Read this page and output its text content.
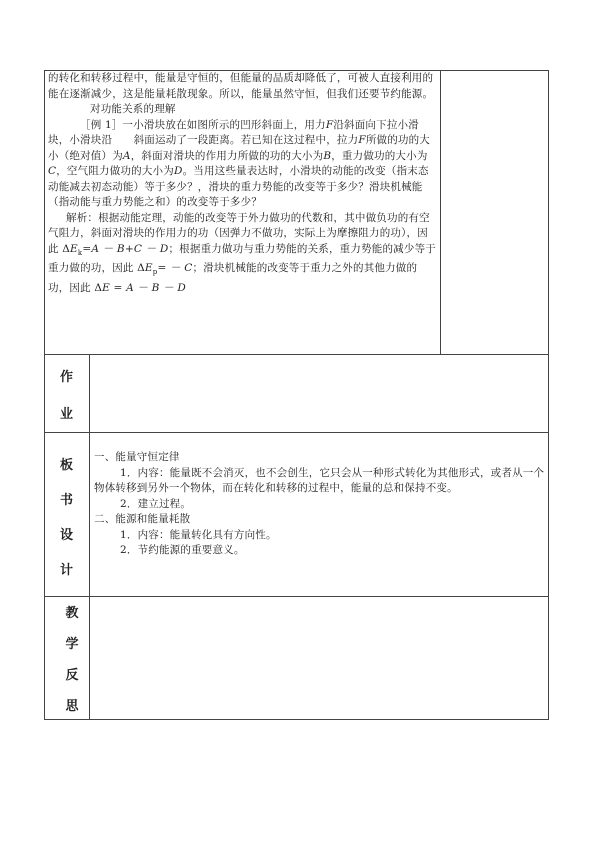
的转化和转移过程中，能量是守恒的，但能量的品质却降低了，可被人直接利用的能在逐渐减少，这是能量耗散现象。所以，能量虽然守恒，但我们还要节约能源。

对功能关系的理解

［例 1］一小滑块放在如图所示的凹形斜面上，用力F沿斜面向下拉小滑块，小滑块沿　　斜面运动了一段距离。若已知在这过程中，拉力F所做的功的大小（绝对值）为A，斜面对滑块的作用力所做的功的大小为B，重力做功的大小为C，空气阻力做功的大小为D。当用这些量表达时，小滑块的动能的改变（指末态动能减去初态动能）等于多少？，滑块的重力势能的改变等于多少？滑块机械能（指动能与重力势能之和）的改变等于多少？

解析：根据动能定理，动能的改变等于外力做功的代数和，其中做负功的有空气阻力，斜面对滑块的作用力的功（因弹力不做功，实际上为摩擦阻力的功），因此 $\Delta E_k=A - B+C - D$；根据重力做功与重力势能的关系，重力势能的减少等于重力做的功，因此 $\Delta E_p= - C$；滑块机械能的改变等于重力之外的其他力做的功，因此 ΔE = A － B － D

作
业
板
书
设
计

一、能量守恒定律

1．内容：能量既不会消灭，也不会创生，它只会从一种形式转化为其他形式，或者从一个物体转移到另外一个物体，而在转化和转移的过程中，能量的总和保持不变。

2．建立过程。

二、能源和能量耗散

1．内容：能量转化具有方向性。

2．节约能源的重要意义。

教
学
反
思
